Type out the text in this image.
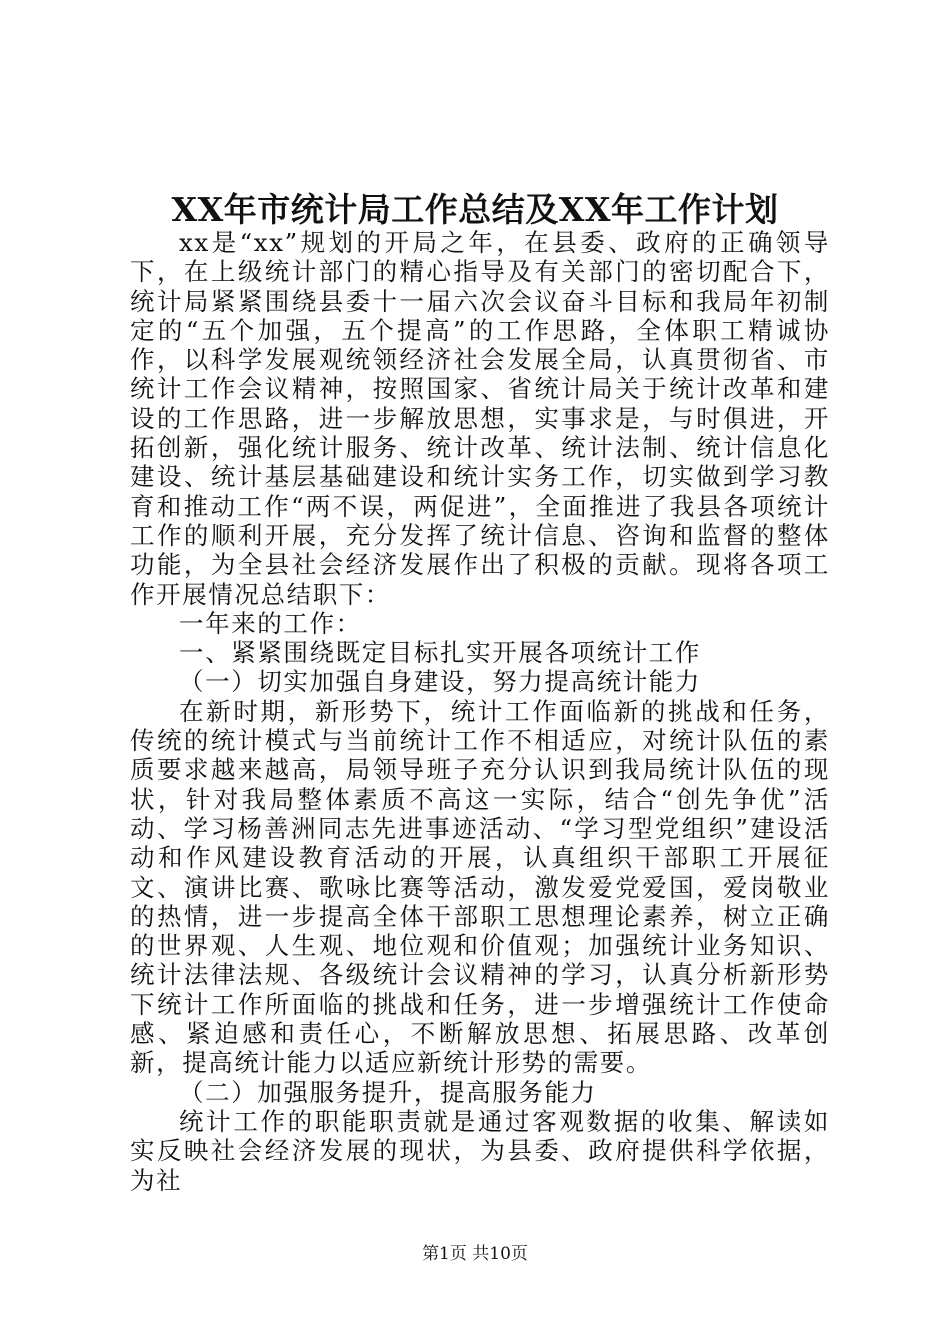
XX年市统计局工作总结及XX年工作计划

xx是“xx”规划的开局之年，在县委、政府的正确领导下，在上级统计部门的精心指导及有关部门的密切配合下，统计局紧紧围绕县委十一届六次会议奋斗目标和我局年初制定的“五个加强，五个提高”的工作思路，全体职工精诚协作，以科学发展观统领经济社会发展全局，认真贯彻省、市统计工作会议精神，按照国家、省统计局关于统计改革和建设的工作思路，进一步解放思想，实事求是，与时俱进，开拓创新，强化统计服务、统计改革、统计法制、统计信息化建设、统计基层基础建设和统计实务工作，切实做到学习教育和推动工作“两不误，两促进”，全面推进了我县各项统计工作的顺利开展，充分发挥了统计信息、咨询和监督的整体功能，为全县社会经济发展作出了积极的贡献。现将各项工作开展情况总结职下：

一年来的工作：

一、紧紧围绕既定目标扎实开展各项统计工作

（一）切实加强自身建设，努力提高统计能力

在新时期，新形势下，统计工作面临新的挑战和任务，传统的统计模式与当前统计工作不相适应，对统计队伍的素质要求越来越高，局领导班子充分认识到我局统计队伍的现状，针对我局整体素质不高这一实际，结合“创先争优”活动、学习杨善洲同志先进事迹活动、“学习型党组织”建设活动和作风建设教育活动的开展，认真组织干部职工开展征文、演讲比赛、歌咏比赛等活动，激发爱党爱国，爱岗敬业的热情，进一步提高全体干部职工思想理论素养，树立正确的世界观、人生观、地位观和价值观；加强统计业务知识、统计法律法规、各级统计会议精神的学习，认真分析新形势下统计工作所面临的挑战和任务，进一步增强统计工作使命感、紧迫感和责任心，不断解放思想、拓展思路、改革创新，提高统计能力以适应新统计形势的需要。

（二）加强服务提升，提高服务能力

统计工作的职能职责就是通过客观数据的收集、解读如实反映社会经济发展的现状，为县委、政府提供科学依据，为社

第1页 共10页
